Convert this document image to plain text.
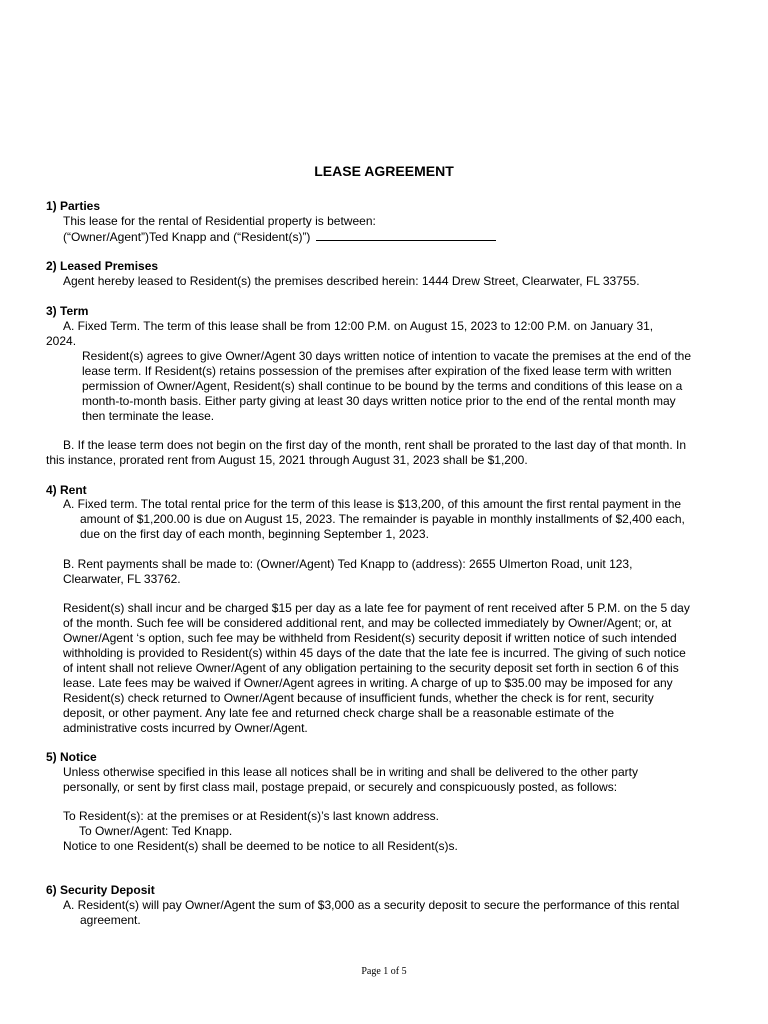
LEASE AGREEMENT
1) Parties
This lease for the rental of Residential property is between:
(“Owner/Agent”)Ted Knapp and (“Resident(s)”)
2) Leased Premises
Agent hereby leased to Resident(s) the premises described herein: 1444 Drew Street, Clearwater, FL 33755.
3) Term
A. Fixed Term. The term of this lease shall be from 12:00 P.M. on August 15, 2023 to 12:00 P.M. on January 31,
2024.
Resident(s) agrees to give Owner/Agent 30 days written notice of intention to vacate the premises at the end of the
lease term. If Resident(s) retains possession of the premises after expiration of the fixed lease term with written
permission of Owner/Agent, Resident(s) shall continue to be bound by the terms and conditions of this lease on a
month-to-month basis. Either party giving at least 30 days written notice prior to the end of the rental month may
then terminate the lease.
B. If the lease term does not begin on the first day of the month, rent shall be prorated to the last day of that month. In
this instance, prorated rent from August 15, 2021 through August 31, 2023 shall be $1,200.
4) Rent
A. Fixed term. The total rental price for the term of this lease is $13,200, of this amount the first rental payment in the
amount of $1,200.00 is due on August 15, 2023. The remainder is payable in monthly installments of $2,400 each,
due on the first day of each month, beginning September 1, 2023.
B. Rent payments shall be made to: (Owner/Agent) Ted Knapp to (address): 2655 Ulmerton Road, unit 123,
Clearwater, FL 33762.
Resident(s) shall incur and be charged $15 per day as a late fee for payment of rent received after 5 P.M. on the 5 day
of the month. Such fee will be considered additional rent, and may be collected immediately by Owner/Agent; or, at
Owner/Agent ‘s option, such fee may be withheld from Resident(s) security deposit if written notice of such intended
withholding is provided to Resident(s) within 45 days of the date that the late fee is incurred. The giving of such notice
of intent shall not relieve Owner/Agent of any obligation pertaining to the security deposit set forth in section 6 of this
lease. Late fees may be waived if Owner/Agent agrees in writing. A charge of up to $35.00 may be imposed for any
Resident(s) check returned to Owner/Agent because of insufficient funds, whether the check is for rent, security
deposit, or other payment. Any late fee and returned check charge shall be a reasonable estimate of the
administrative costs incurred by Owner/Agent.
5) Notice
Unless otherwise specified in this lease all notices shall be in writing and shall be delivered to the other party
personally, or sent by first class mail, postage prepaid, or securely and conspicuously posted, as follows:
To Resident(s): at the premises or at Resident(s)’s last known address.
To Owner/Agent: Ted Knapp.
Notice to one Resident(s) shall be deemed to be notice to all Resident(s)s.
6) Security Deposit
A. Resident(s) will pay Owner/Agent the sum of $3,000 as a security deposit to secure the performance of this rental
agreement.
Page 1 of 5
